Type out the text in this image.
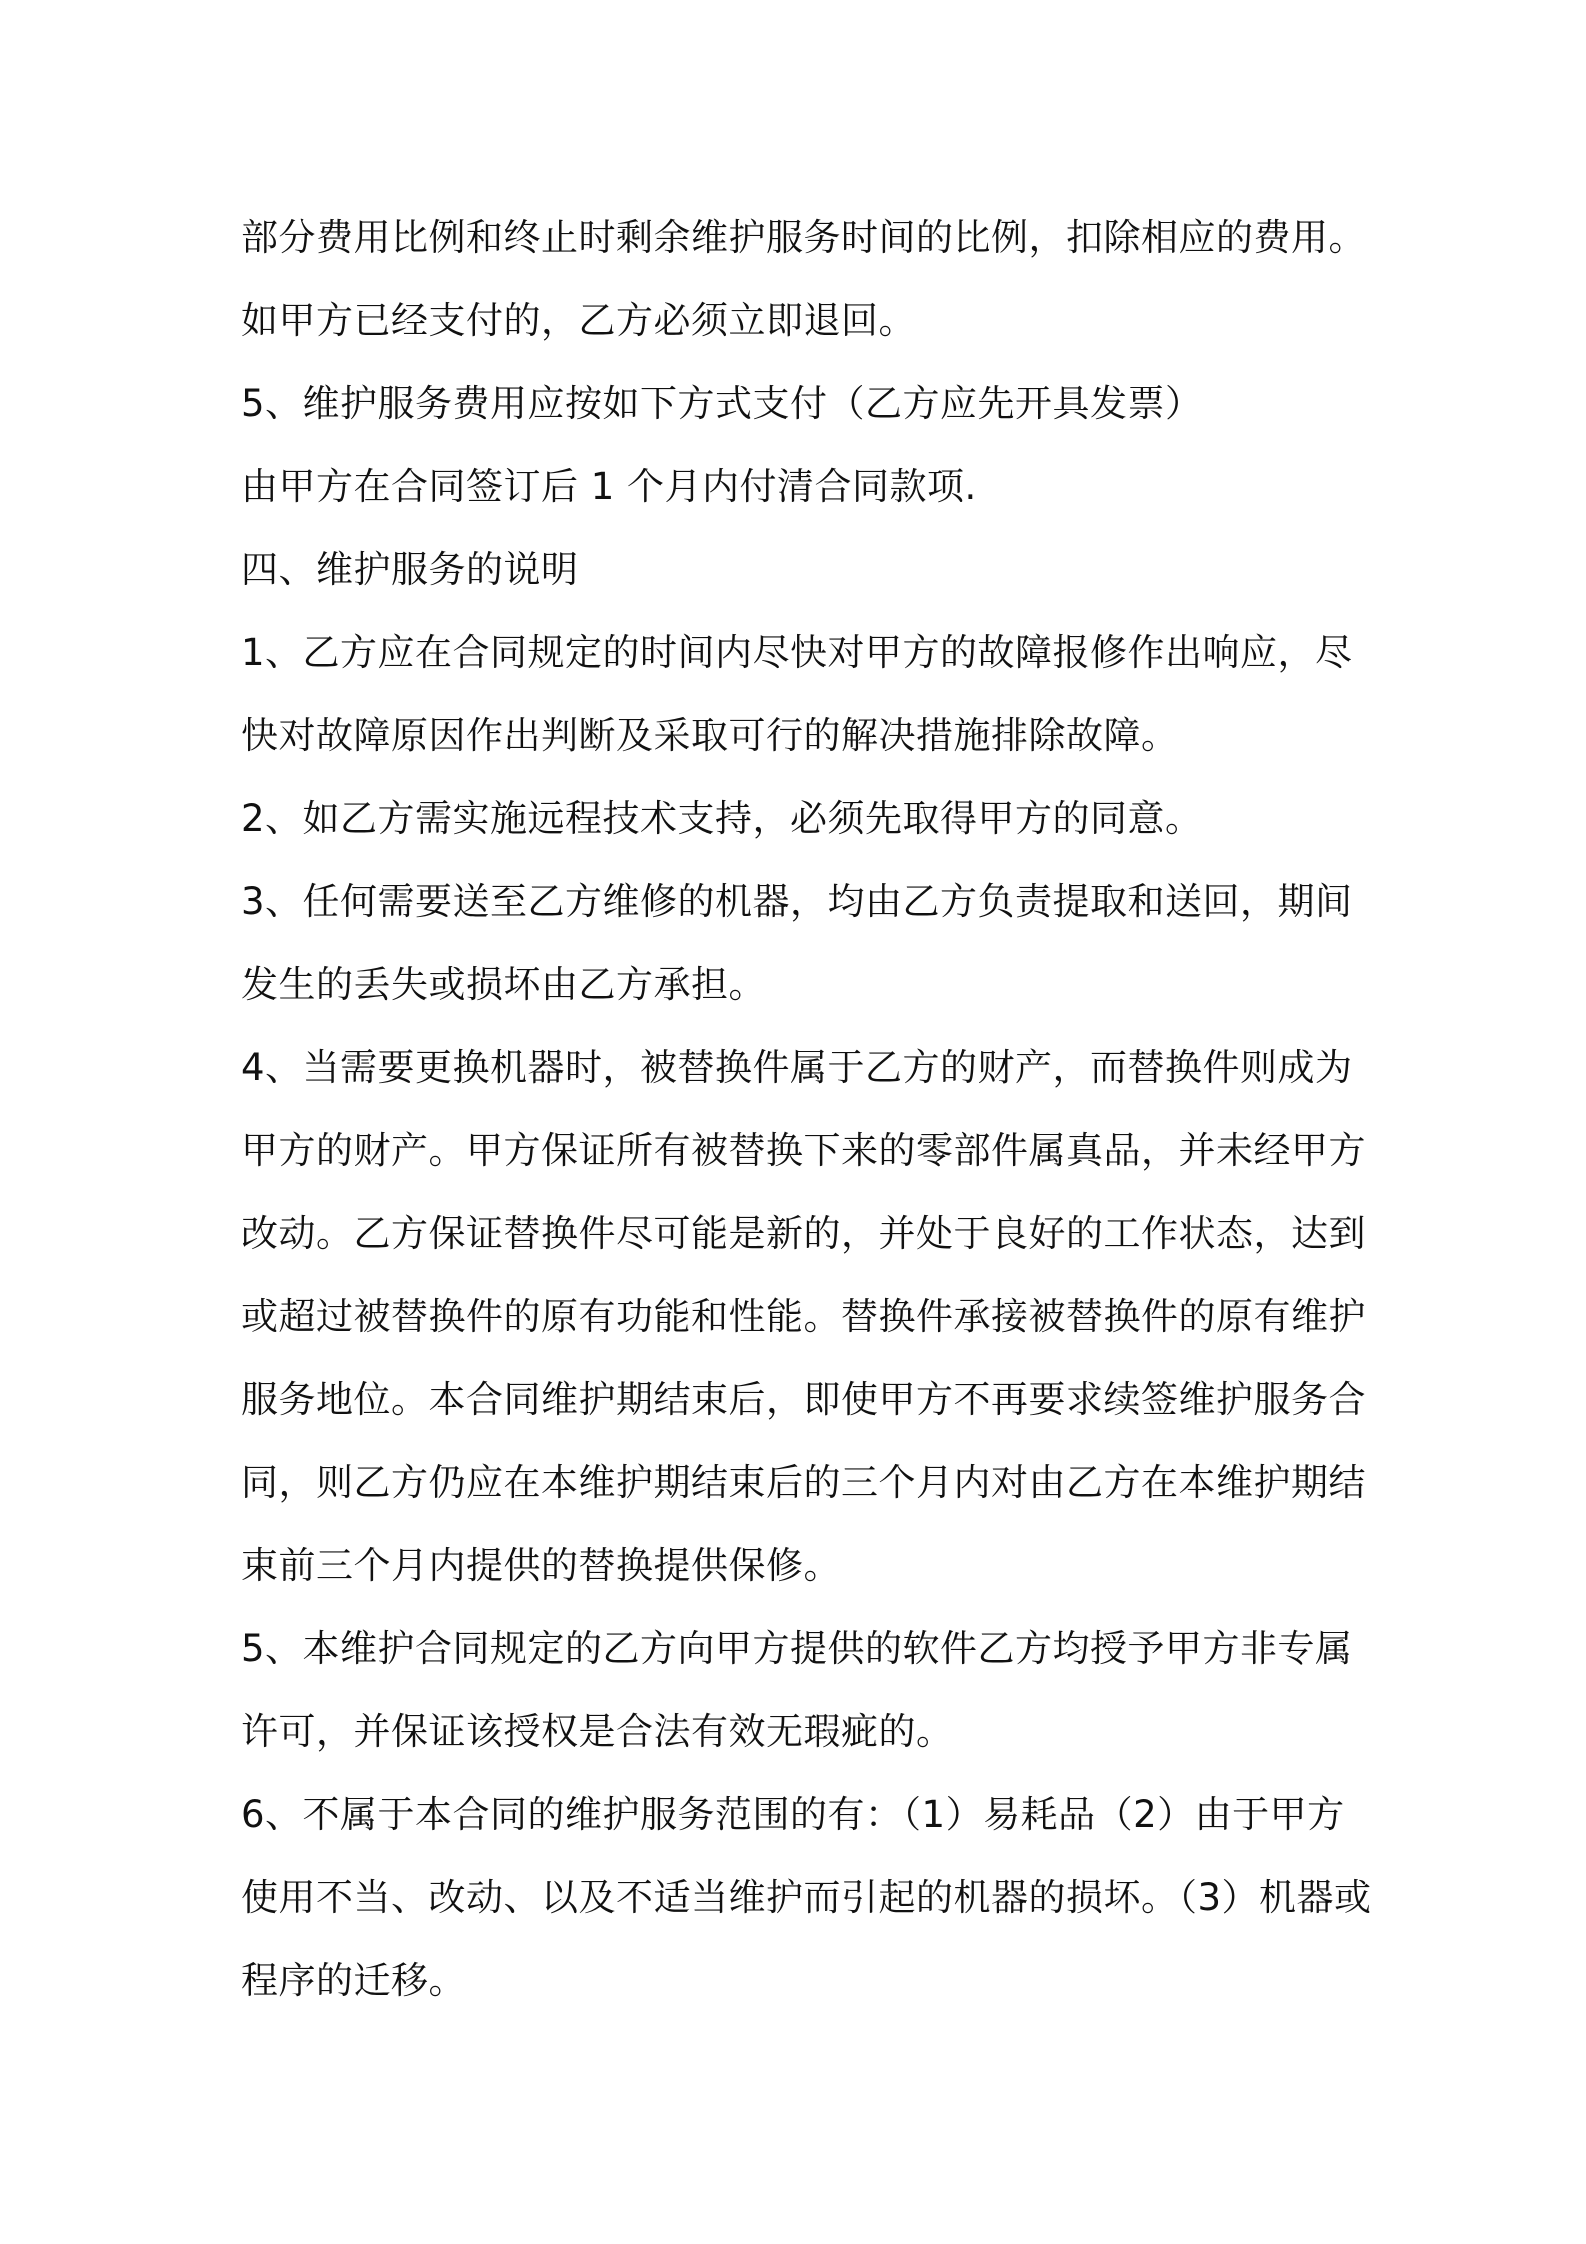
部分费用比例和终止时剩余维护服务时间的比例，扣除相应的费用。
如甲方已经支付的，乙方必须立即退回。
5、维护服务费用应按如下方式支付（乙方应先开具发票）
由甲方在合同签订后 1 个月内付清合同款项.
四、维护服务的说明
1、乙方应在合同规定的时间内尽快对甲方的故障报修作出响应，尽
快对故障原因作出判断及采取可行的解决措施排除故障。
2、如乙方需实施远程技术支持，必须先取得甲方的同意。
3、任何需要送至乙方维修的机器，均由乙方负责提取和送回，期间
发生的丢失或损坏由乙方承担。
4、当需要更换机器时，被替换件属于乙方的财产，而替换件则成为
甲方的财产。甲方保证所有被替换下来的零部件属真品，并未经甲方
改动。乙方保证替换件尽可能是新的，并处于良好的工作状态，达到
或超过被替换件的原有功能和性能。替换件承接被替换件的原有维护
服务地位。本合同维护期结束后，即使甲方不再要求续签维护服务合
同，则乙方仍应在本维护期结束后的三个月内对由乙方在本维护期结
束前三个月内提供的替换提供保修。
5、本维护合同规定的乙方向甲方提供的软件乙方均授予甲方非专属
许可，并保证该授权是合法有效无瑕疵的。
6、不属于本合同的维护服务范围的有：（1）易耗品（2）由于甲方
使用不当、改动、以及不适当维护而引起的机器的损坏。（3）机器或
程序的迁移。
